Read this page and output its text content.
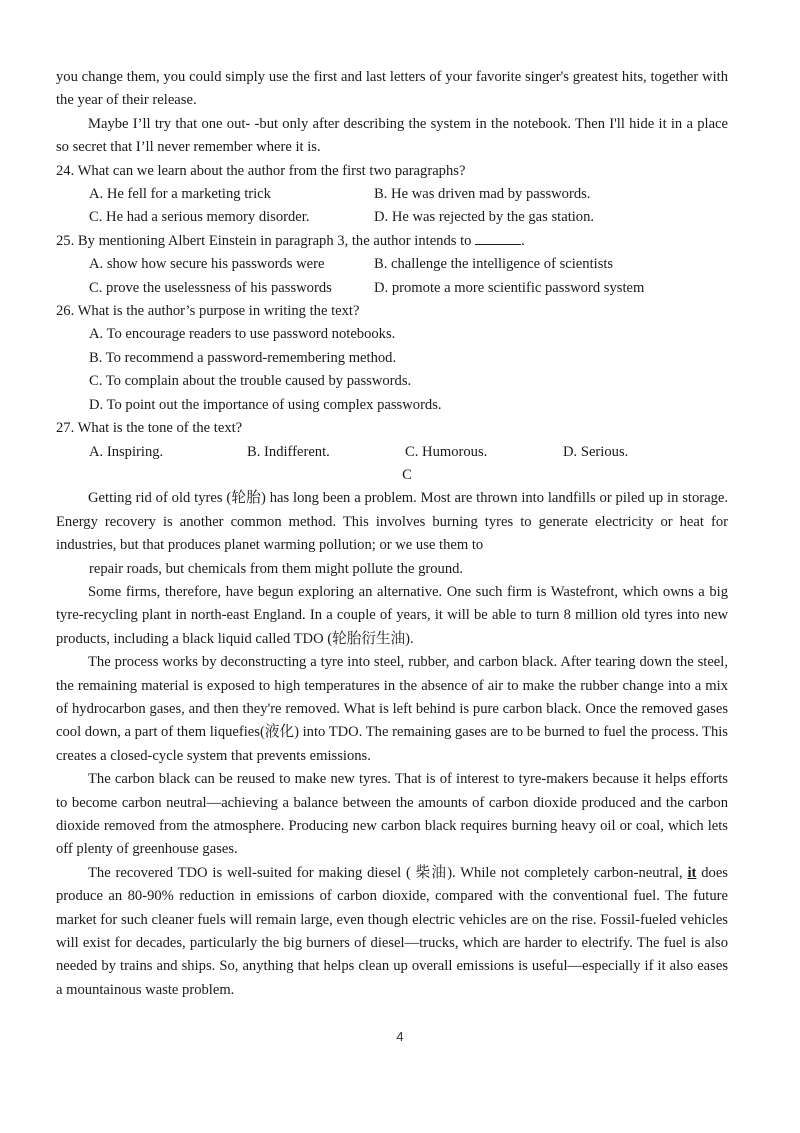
you change them, you could simply use the first and last letters of your favorite singer's greatest hits, together with the year of their release.

Maybe I’ll try that one out- -but only after describing the system in the notebook. Then I'll hide it in a place so secret that I’ll never remember where it is.

24. What can we learn about the author from the first two paragraphs?

A. He fell for a marketing trick	B. He was driven mad by passwords.
C. He had a serious memory disorder.	D. He was rejected by the gas station.

25. By mentioning Albert Einstein in paragraph 3, the author intends to	.

A. show how secure his passwords were	B. challenge the intelligence of scientists
C. prove the uselessness of his passwords	D. promote a more scientific password system

26. What is the author’s purpose in writing the text?

A. To encourage readers to use password notebooks.

B. To recommend a password-remembering method.

C. To complain about the trouble caused by passwords.

D. To point out the importance of using complex passwords.

27. What is the tone of the text?

A. Inspiring.	B. Indifferent.	C. Humorous.	D. Serious.
C

Getting rid of old tyres (轮胎) has long been a problem. Most are thrown into landfills or piled up in storage. Energy recovery is another common method. This involves burning tyres to generate electricity or heat for industries, but that produces planet warming pollution; or we use them to

repair roads, but chemicals from them might pollute the ground.

Some firms, therefore, have begun exploring an alternative. One such firm is Wastefront, which owns a big tyre-recycling plant in north-east England. In a couple of years, it will be able to turn 8 million old tyres into new products, including a black liquid called TDO (轮胎衍生油).

The process works by deconstructing a tyre into steel, rubber, and carbon black. After tearing down the steel, the remaining material is exposed to high temperatures in the absence of air to make the rubber change into a mix of hydrocarbon gases, and then they're removed. What is left behind is pure carbon black. Once the removed gases cool down, a part of them liquefies(液化) into TDO. The remaining gases are to be burned to fuel the process. This creates a closed-cycle system that prevents emissions.

The carbon black can be reused to make new tyres. That is of interest to tyre-makers because it helps efforts to become carbon neutral—achieving a balance between the amounts of carbon dioxide produced and the carbon dioxide removed from the atmosphere. Producing new carbon black requires burning heavy oil or coal, which lets off plenty of greenhouse gases.

The recovered TDO is well-suited for making diesel ( 柴油). While not completely carbon-neutral, it does produce an 80-90% reduction in emissions of carbon dioxide, compared with the conventional fuel. The future market for such cleaner fuels will remain large, even though electric vehicles are on the rise. Fossil-fueled vehicles will exist for decades, particularly the big burners of diesel—trucks, which are harder to electrify. The fuel is also needed by trains and ships. So, anything that helps clean up overall emissions is useful—especially if it also eases a mountainous waste problem.

4
